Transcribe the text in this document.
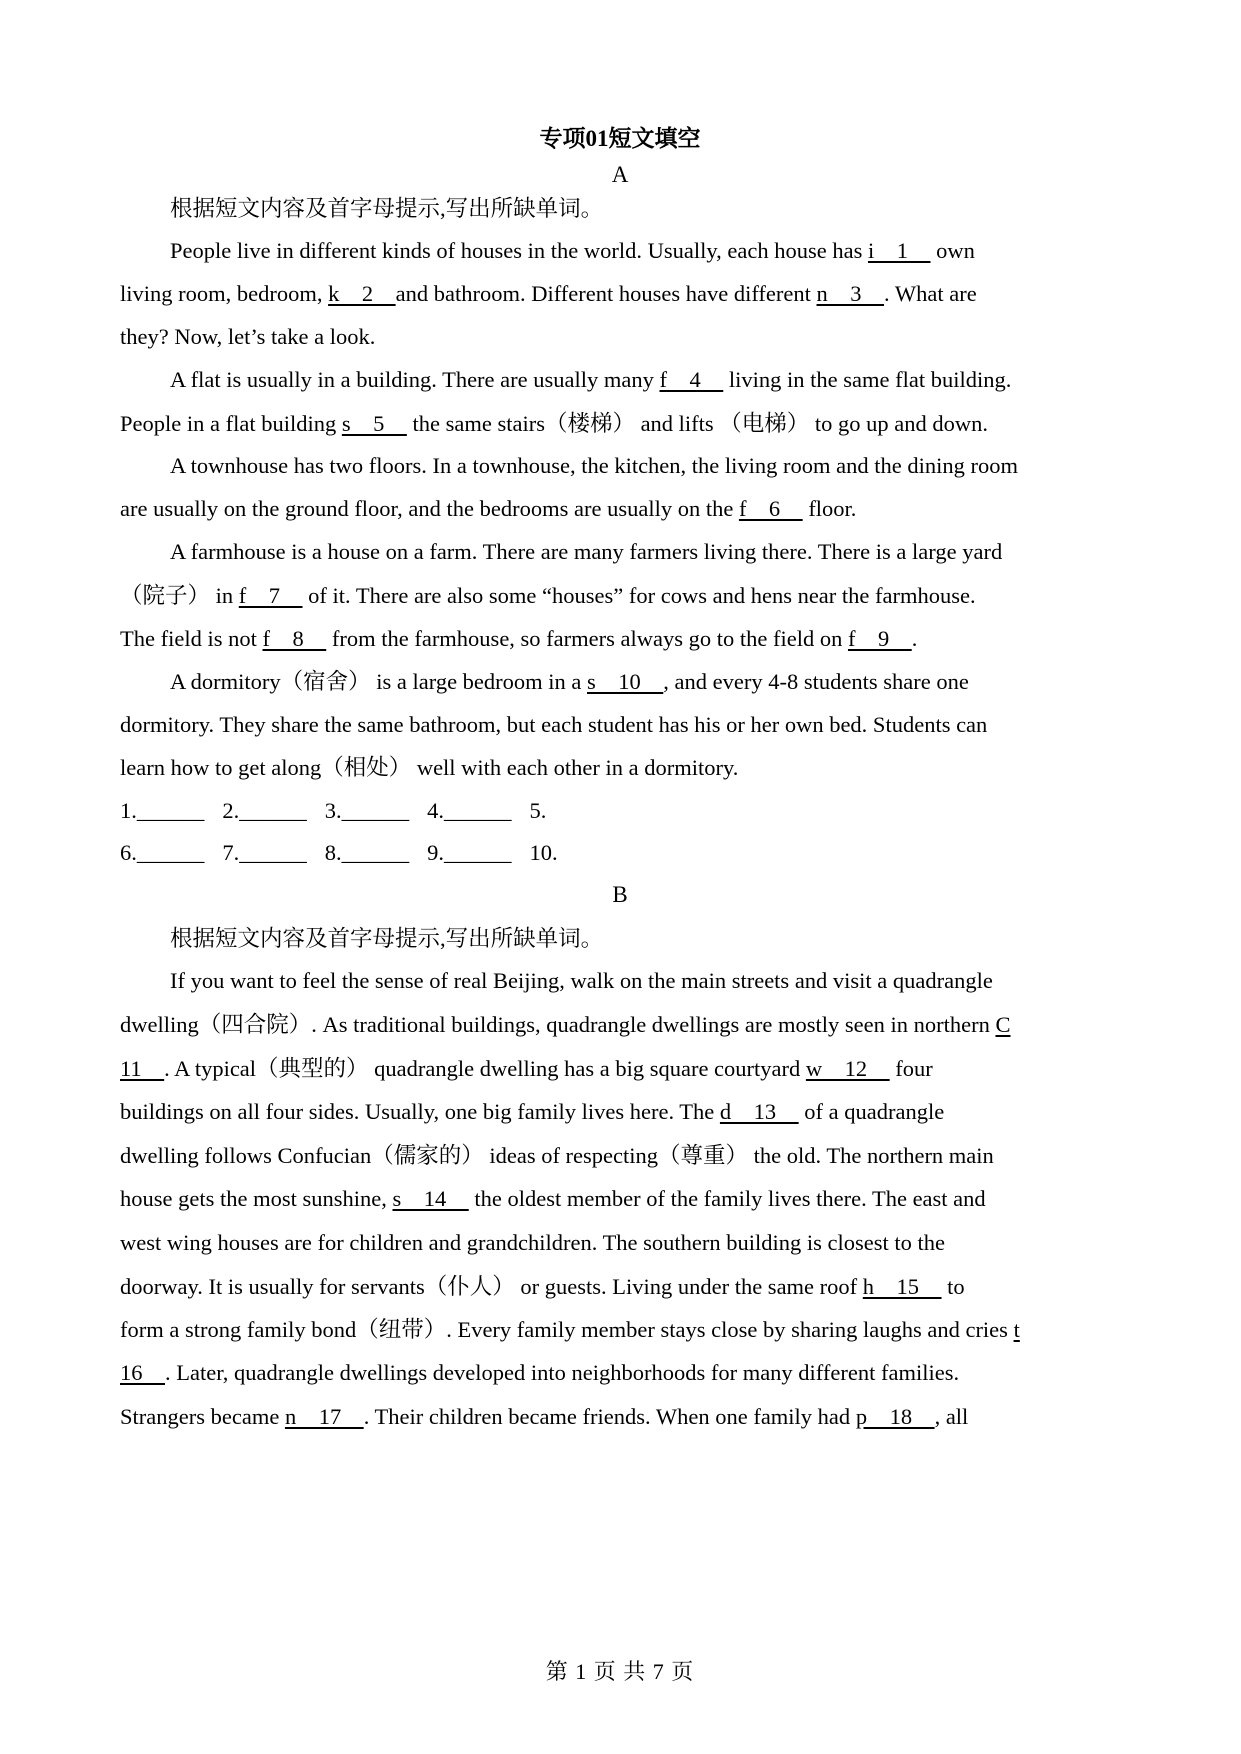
专项01短文填空
A
根据短文内容及首字母提示,写出所缺单词。
People live in different kinds of houses in the world. Usually, each house has i  1   own
living room, bedroom, k  2  and bathroom. Different houses have different n  3  . What are
they? Now, let’s take a look.
A flat is usually in a building. There are usually many f  4   living in the same flat building.
People in a flat building s  5   the same stairs（楼梯） and lifts （电梯） to go up and down.
A townhouse has two floors. In a townhouse, the kitchen, the living room and the dining room
are usually on the ground floor, and the bedrooms are usually on the f  6   floor.
A farmhouse is a house on a farm. There are many farmers living there. There is a large yard
（院子） in f  7   of it. There are also some “houses” for cows and hens near the farmhouse.
The field is not f  8   from the farmhouse, so farmers always go to the field on f  9  .
A dormitory（宿舍） is a large bedroom in a s  10  , and every 4-8 students share one
dormitory. They share the same bathroom, but each student has his or her own bed. Students can
learn how to get along（相处） well with each other in a dormitory.
1.______ 2.______ 3.______ 4.______ 5.
6.______ 7.______ 8.______ 9.______ 10.
B
根据短文内容及首字母提示,写出所缺单词。
If you want to feel the sense of real Beijing, walk on the main streets and visit a quadrangle
dwelling（四合院）. As traditional buildings, quadrangle dwellings are mostly seen in northern C
11  . A typical（典型的） quadrangle dwelling has a big square courtyard w  12   four
buildings on all four sides. Usually, one big family lives here. The d  13   of a quadrangle
dwelling follows Confucian（儒家的） ideas of respecting（尊重） the old. The northern main
house gets the most sunshine, s  14   the oldest member of the family lives there. The east and
west wing houses are for children and grandchildren. The southern building is closest to the
doorway. It is usually for servants（仆人） or guests. Living under the same roof h  15   to
form a strong family bond（纽带）. Every family member stays close by sharing laughs and cries t
16  . Later, quadrangle dwellings developed into neighborhoods for many different families.
Strangers became n  17  . Their children became friends. When one family had p  18  , all
第 1 页 共 7 页
